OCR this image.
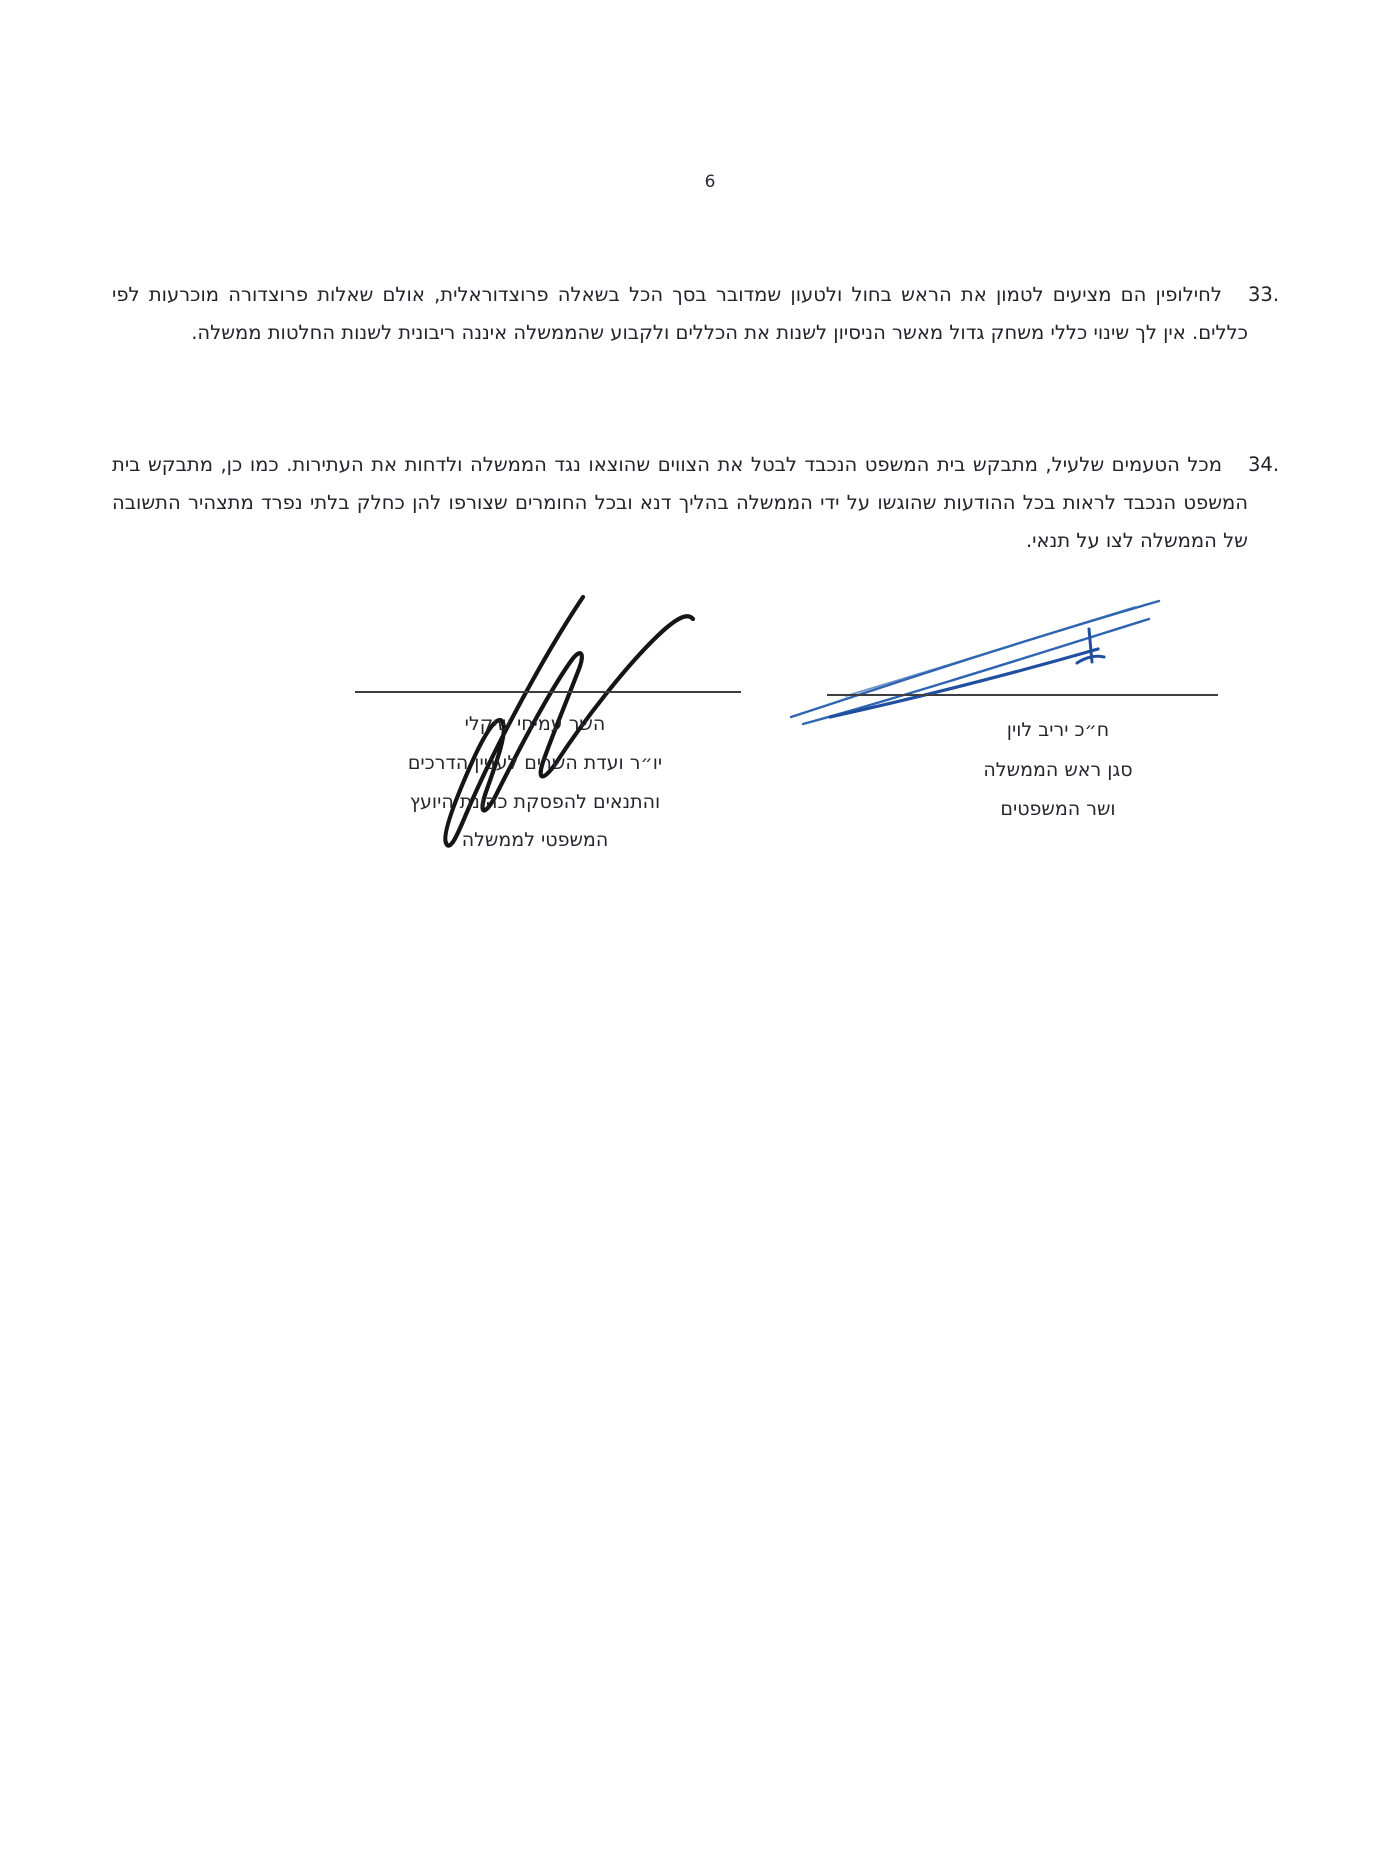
6
33.
לחילופין הם מציעים לטמון את הראש בחול ולטעון שמדובר בסך הכל בשאלה פרוצדוראלית, אולם שאלות פרוצדורה מוכרעות לפי כללים. אין לך שינוי כללי משחק גדול מאשר הניסיון לשנות את הכללים ולקבוע שהממשלה איננה ריבונית לשנות החלטות ממשלה.
34.
מכל הטעמים שלעיל, מתבקש בית המשפט הנכבד לבטל את הצווים שהוצאו נגד הממשלה ולדחות את העתירות. כמו כן, מתבקש בית המשפט הנכבד לראות בכל ההודעות שהוגשו על ידי הממשלה בהליך דנא ובכל החומרים שצורפו להן כחלק בלתי נפרד מתצהיר התשובה של הממשלה לצו על תנאי.
השר עמיחי שיקלי
יו״ר ועדת השרים לעניין הדרכים
והתנאים להפסקת כהונת היועץ
המשפטי לממשלה
ח״כ יריב לוין
סגן ראש הממשלה
ושר המשפטים
